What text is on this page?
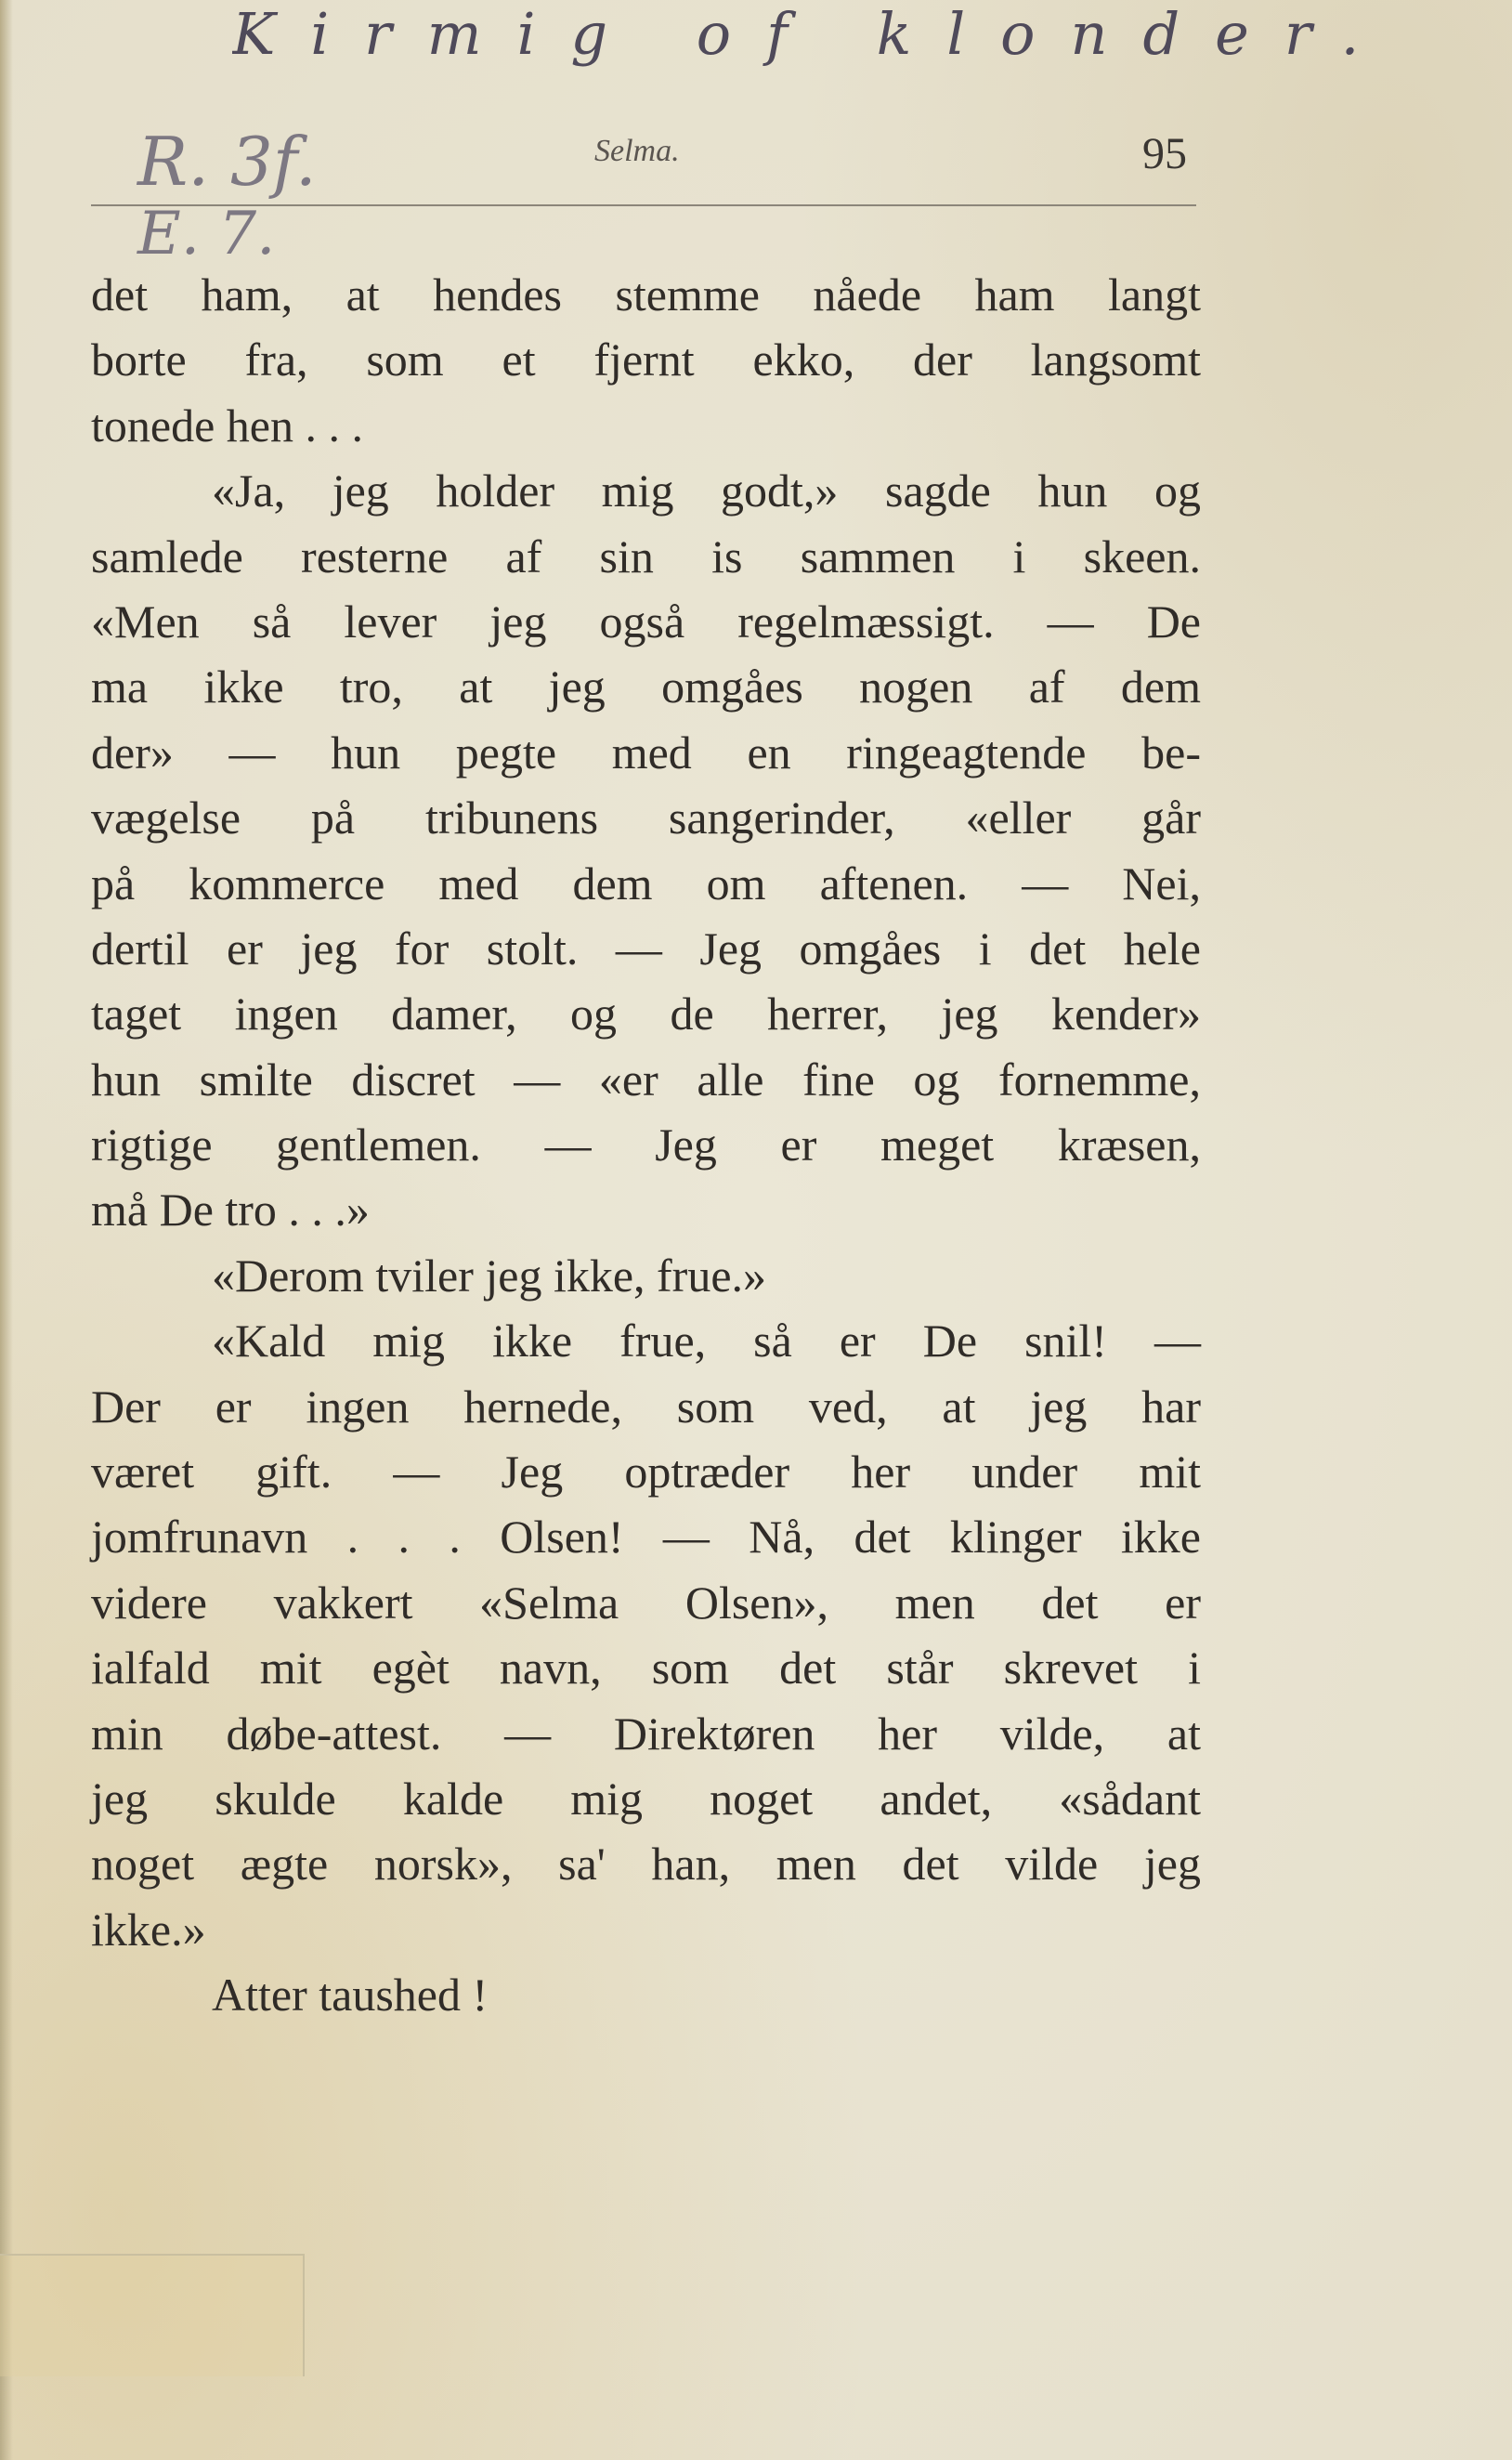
Kirmig of klonder.
R. 3f.
E. 7.
Selma.	95
det ham, at hendes stemme nåede ham langt
borte fra, som et fjernt ekko, der langsomt
tonede hen . . .
«Ja, jeg holder mig godt,» sagde hun og
samlede resterne af sin is sammen i skeen.
«Men så lever jeg også regelmæssigt. — De
ma ikke tro, at jeg omgåes nogen af dem
der» — hun pegte med en ringeagtende be-
vægelse på tribunens sangerinder, «eller går
på kommerce med dem om aftenen. — Nei,
dertil er jeg for stolt. — Jeg omgåes i det hele
taget ingen damer, og de herrer, jeg kender»
hun smilte discret — «er alle fine og fornemme,
rigtige gentlemen. — Jeg er meget kræsen,
må De tro . . .»
«Derom tviler jeg ikke, frue.»
«Kald mig ikke frue, så er De snil! —
Der er ingen hernede, som ved, at jeg har
været gift. — Jeg optræder her under mit
jomfrunavn . . . Olsen! — Nå, det klinger ikke
videre vakkert «Selma Olsen», men det er
ialfald mit egèt navn, som det står skrevet i
min døbe-attest. — Direktøren her vilde, at
jeg skulde kalde mig noget andet, «sådant
noget ægte norsk», sa' han, men det vilde jeg
ikke.»
Atter taushed !
